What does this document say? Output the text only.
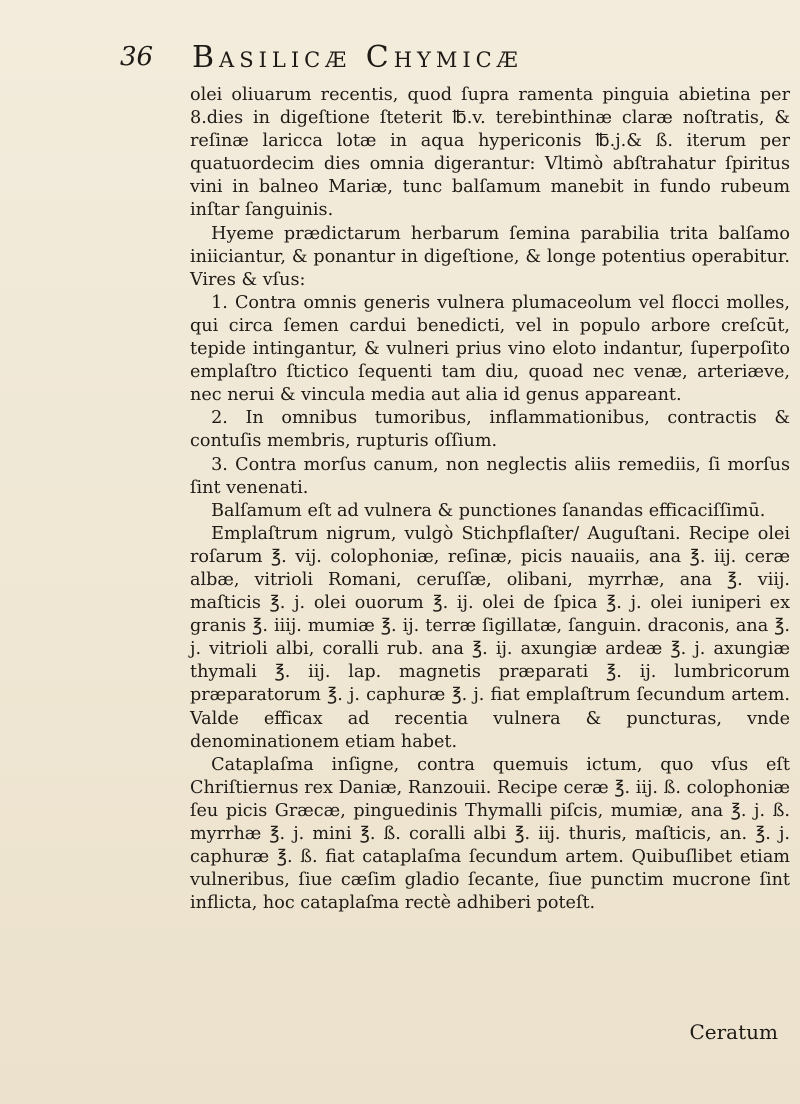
36 Basilicæ Chymicæ

olei oliuarum recentis, quod ſupra ramenta pinguia abietina per 8.dies in digeſtione ſteterit ℔.v. terebinthinæ claræ noſtratis, & reſinæ laricca lotæ in aqua hypericonis ℔.j.& ß. iterum per quatuordecim dies omnia digerantur: Vltimò abſtrahatur ſpiritus vini in balneo Mariæ, tunc balſamum manebit in fundo rubeum inſtar ſanguinis.

Hyeme prædictarum herbarum ſemina parabilia trita balſamo iniiciantur, & ponantur in digeſtione, & longe potentius operabitur. Vires & vſus:

1. Contra omnis generis vulnera plumaceolum vel flocci molles, qui circa ſemen cardui benedicti, vel in populo arbore creſcūt, tepide intingantur, & vulneri prius vino eloto indantur, ſuperpoſito emplaſtro ſtictico ſequenti tam diu, quoad nec venæ, arteriæve, nec nerui & vincula media aut alia id genus appareant.

2. In omnibus tumoribus, inflammationibus, contractis & contuſis membris, rupturis oſſium.

3. Contra morſus canum, non neglectis aliis remediis, ſi morſus ſint venenati.

Balſamum eſt ad vulnera & punctiones ſanandas efficaciſſimū.

Emplaſtrum nigrum, vulgò Stichpflaſter/ Auguſtani. Recipe olei roſarum ℥. vij. colophoniæ, reſinæ, picis nauaiis, ana ℥. iij. ceræ albæ, vitrioli Romani, ceruſſæ, olibani, myrrhæ, ana ℥. viij. maſticis ℥. j. olei ouorum ℥. ij. olei de ſpica ℥. j. olei iuniperi ex granis ℥. iiij. mumiæ ℥. ij. terræ ſigillatæ, ſanguin. draconis, ana ℥. j. vitrioli albi, coralli rub. ana ℥. ij. axungiæ ardeæ ℥. j. axungiæ thymali ℥. iij. lap. magnetis præparati ℥. ij. lumbricorum præparatorum ℥. j. caphuræ ℥. j. fiat emplaſtrum ſecundum artem. Valde efficax ad recentia vulnera & puncturas, vnde denominationem etiam habet.

Cataplaſma inſigne, contra quemuis ictum, quo vſus eſt Chriſtiernus rex Daniæ, Ranzouii. Recipe ceræ ℥. iij. ß. colophoniæ ſeu picis Græcæ, pinguedinis Thymalli piſcis, mumiæ, ana ℥. j. ß. myrrhæ ℥. j. mini ℥. ß. coralli albi ℥. iij. thuris, maſticis, an. ℥. j. caphuræ ℥. ß. fiat cataplaſma ſecundum artem. Quibuſlibet etiam vulneribus, ſiue cæſim gladio ſecante, ſiue punctim mucrone ſint inflicta, hoc cataplaſma rectè adhiberi poteſt.

Ceratum
